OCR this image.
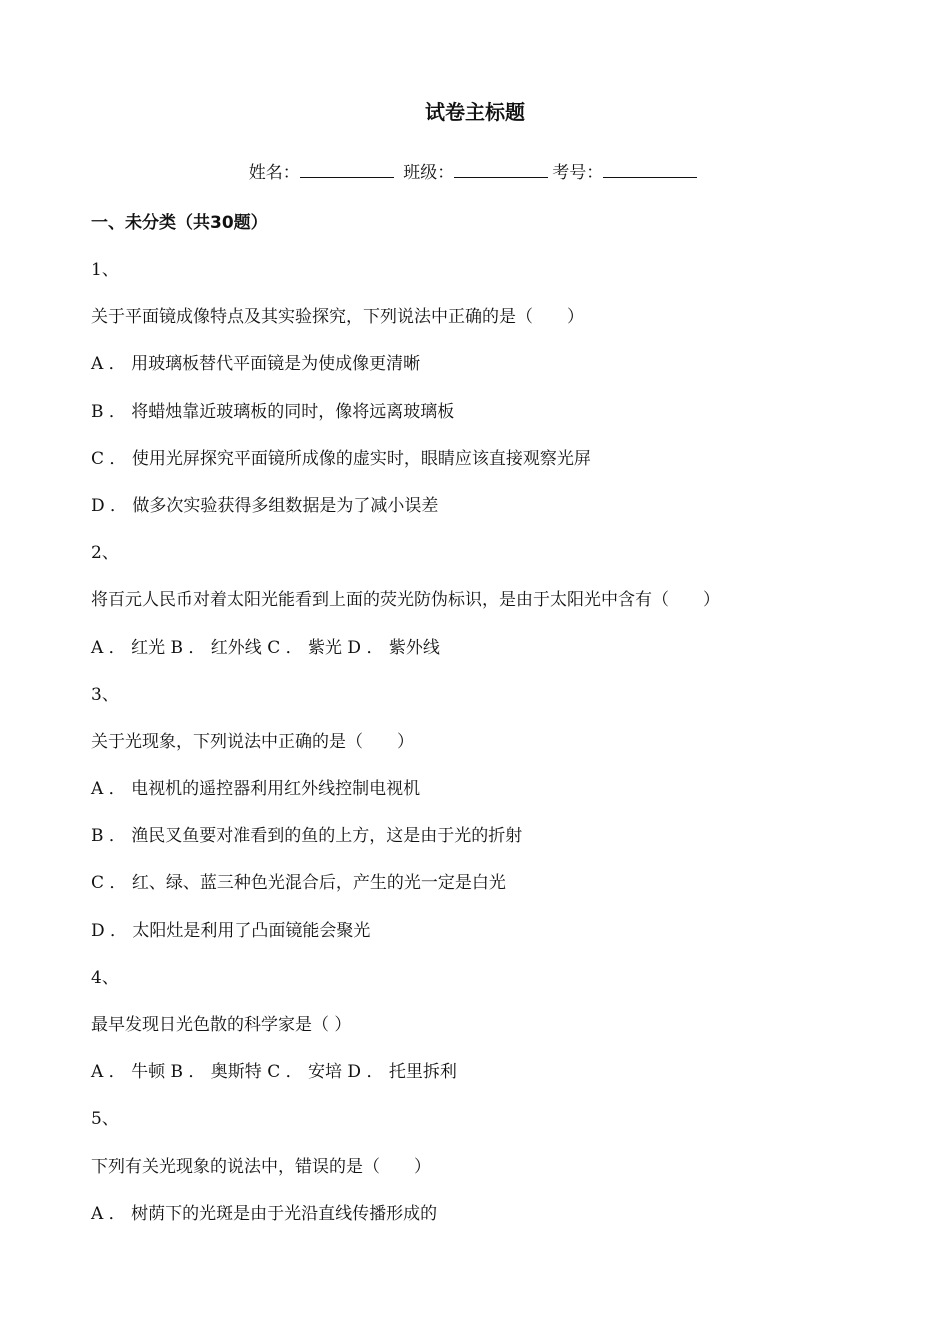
试卷主标题
姓名：	班级：	考号：
一、未分类（共30题）
1、
关于平面镜成像特点及其实验探究，下列说法中正确的是（　　）
A ． 用玻璃板替代平面镜是为使成像更清晰
B ． 将蜡烛靠近玻璃板的同时，像将远离玻璃板
C ． 使用光屏探究平面镜所成像的虚实时，眼睛应该直接观察光屏
D ． 做多次实验获得多组数据是为了减小误差
2、
将百元人民币对着太阳光能看到上面的荧光防伪标识，是由于太阳光中含有（　　）
A ． 红光 B ． 红外线 C ． 紫光 D ． 紫外线
3、
关于光现象，下列说法中正确的是（　　）
A ． 电视机的遥控器利用红外线控制电视机
B ． 渔民叉鱼要对准看到的鱼的上方，这是由于光的折射
C ． 红、绿、蓝三种色光混合后，产生的光一定是白光
D ． 太阳灶是利用了凸面镜能会聚光
4、
最早发现日光色散的科学家是（ ）
A ． 牛顿 B ． 奥斯特 C ． 安培 D ． 托里拆利
5、
下列有关光现象的说法中，错误的是（　　）
A ． 树荫下的光斑是由于光沿直线传播形成的
